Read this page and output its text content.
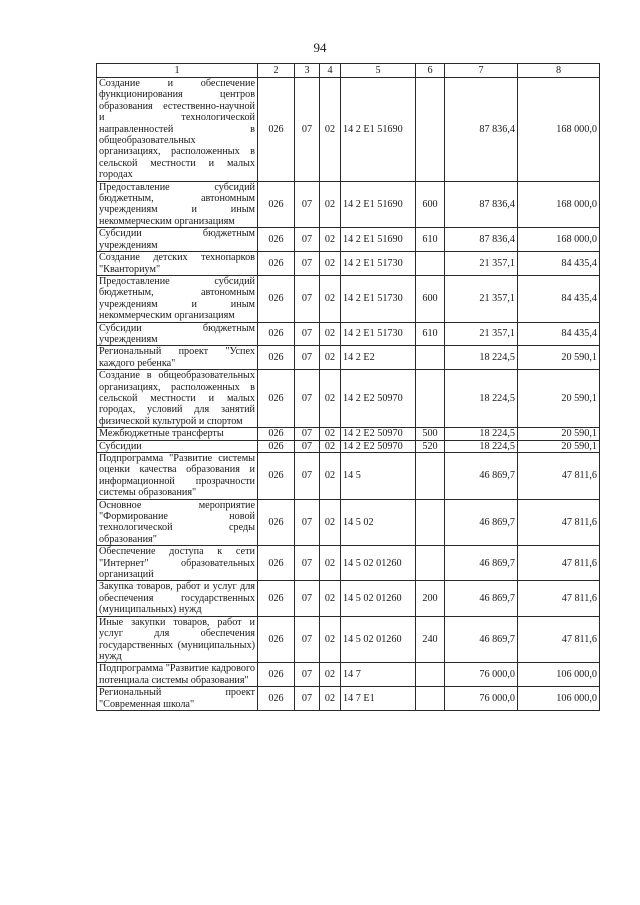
94
1	2	3	4	5	6	7	8
Создание и обеспечение функционирования центров образования естественно-научной и технологической направленностей в общеобразовательных организациях, расположенных в сельской местности и малых городах	026	07	02	14 2 E1 51690		87 836,4	168 000,0
Предоставление субсидий бюджетным, автономным учреждениям и иным некоммерческим организациям	026	07	02	14 2 E1 51690	600	87 836,4	168 000,0
Субсидии бюджетным учреждениям	026	07	02	14 2 E1 51690	610	87 836,4	168 000,0
Создание детских технопарков "Кванториум"	026	07	02	14 2 E1 51730		21 357,1	84 435,4
Предоставление субсидий бюджетным, автономным учреждениям и иным некоммерческим организациям	026	07	02	14 2 E1 51730	600	21 357,1	84 435,4
Субсидии бюджетным учреждениям	026	07	02	14 2 E1 51730	610	21 357,1	84 435,4
Региональный проект "Успех каждого ребенка"	026	07	02	14 2 E2		18 224,5	20 590,1
Создание в общеобразовательных организациях, расположенных в сельской местности и малых городах, условий для занятий физической культурой и спортом	026	07	02	14 2 E2 50970		18 224,5	20 590,1
Межбюджетные трансферты	026	07	02	14 2 E2 50970	500	18 224,5	20 590,1
Субсидии	026	07	02	14 2 E2 50970	520	18 224,5	20 590,1
Подпрограмма "Развитие системы оценки качества образования и информационной прозрачности системы образования"	026	07	02	14 5		46 869,7	47 811,6
Основное мероприятие "Формирование новой технологической среды образования"	026	07	02	14 5 02		46 869,7	47 811,6
Обеспечение доступа к сети "Интернет" образовательных организаций	026	07	02	14 5 02 01260		46 869,7	47 811,6
Закупка товаров, работ и услуг для обеспечения государственных (муниципальных) нужд	026	07	02	14 5 02 01260	200	46 869,7	47 811,6
Иные закупки товаров, работ и услуг для обеспечения государственных (муниципальных) нужд	026	07	02	14 5 02 01260	240	46 869,7	47 811,6
Подпрограмма "Развитие кадрового потенциала системы образования"	026	07	02	14 7		76 000,0	106 000,0
Региональный проект "Современная школа"	026	07	02	14 7 E1		76 000,0	106 000,0
